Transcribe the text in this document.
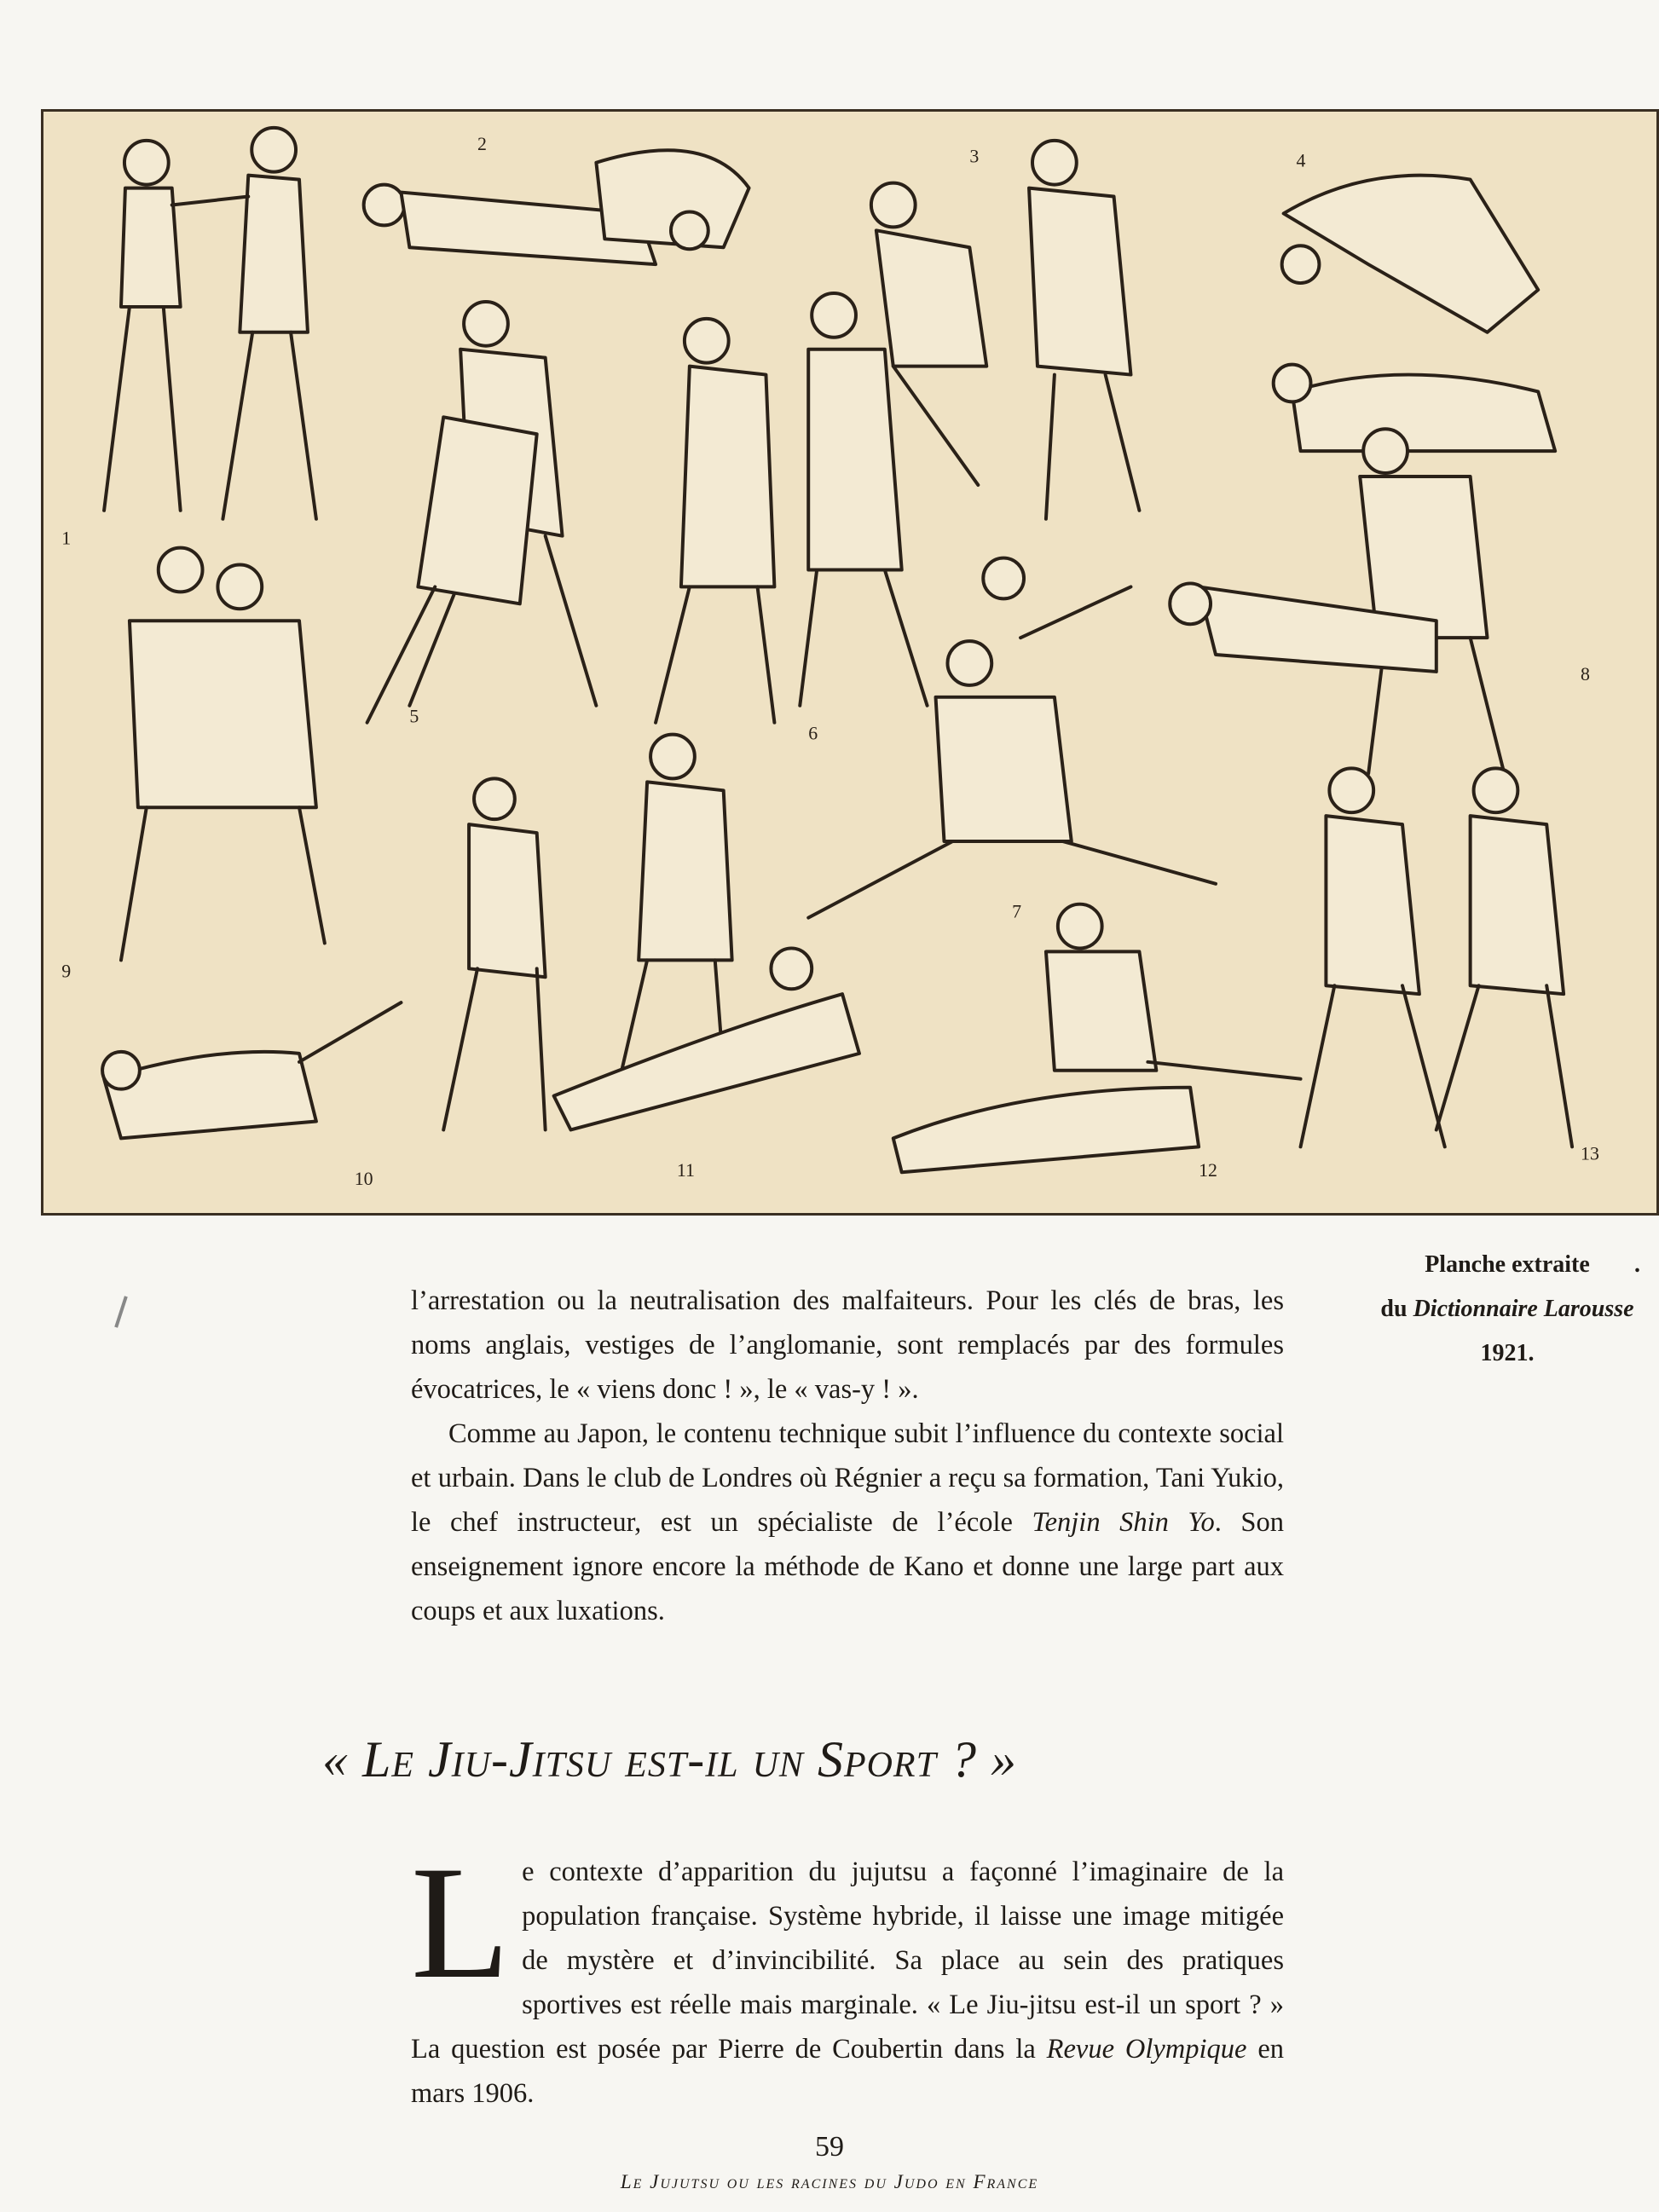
1
2
3	4
5
6
7
8
9
10	11	12
13
.
Planche extraite
du Dictionnaire Larousse
1921.

l’arrestation ou la neutralisation des malfaiteurs. Pour les clés de bras, les noms anglais, vestiges de l’anglomanie, sont remplacés par des formules évocatrices, le « viens donc ! », le « vas-y ! ».

Comme au Japon, le contenu technique subit l’influence du contexte social et urbain. Dans le club de Londres où Régnier a reçu sa formation, Tani Yukio, le chef instructeur, est un spécialiste de l’école Tenjin Shin Yo. Son enseignement ignore encore la méthode de Kano et donne une large part aux coups et aux luxations.

« Le Jiu-Jitsu est-il un Sport ? »

Le contexte d’apparition du jujutsu a façonné l’imaginaire de la population française. Système hybride, il laisse une image mitigée de mystère et d’invincibilité. Sa place au sein des pratiques sportives est réelle mais marginale. « Le Jiu-jitsu est-il un sport ? » La question est posée par Pierre de Coubertin dans la Revue Olympique en mars 1906.

59
Le Jujutsu ou les racines du Judo en France
